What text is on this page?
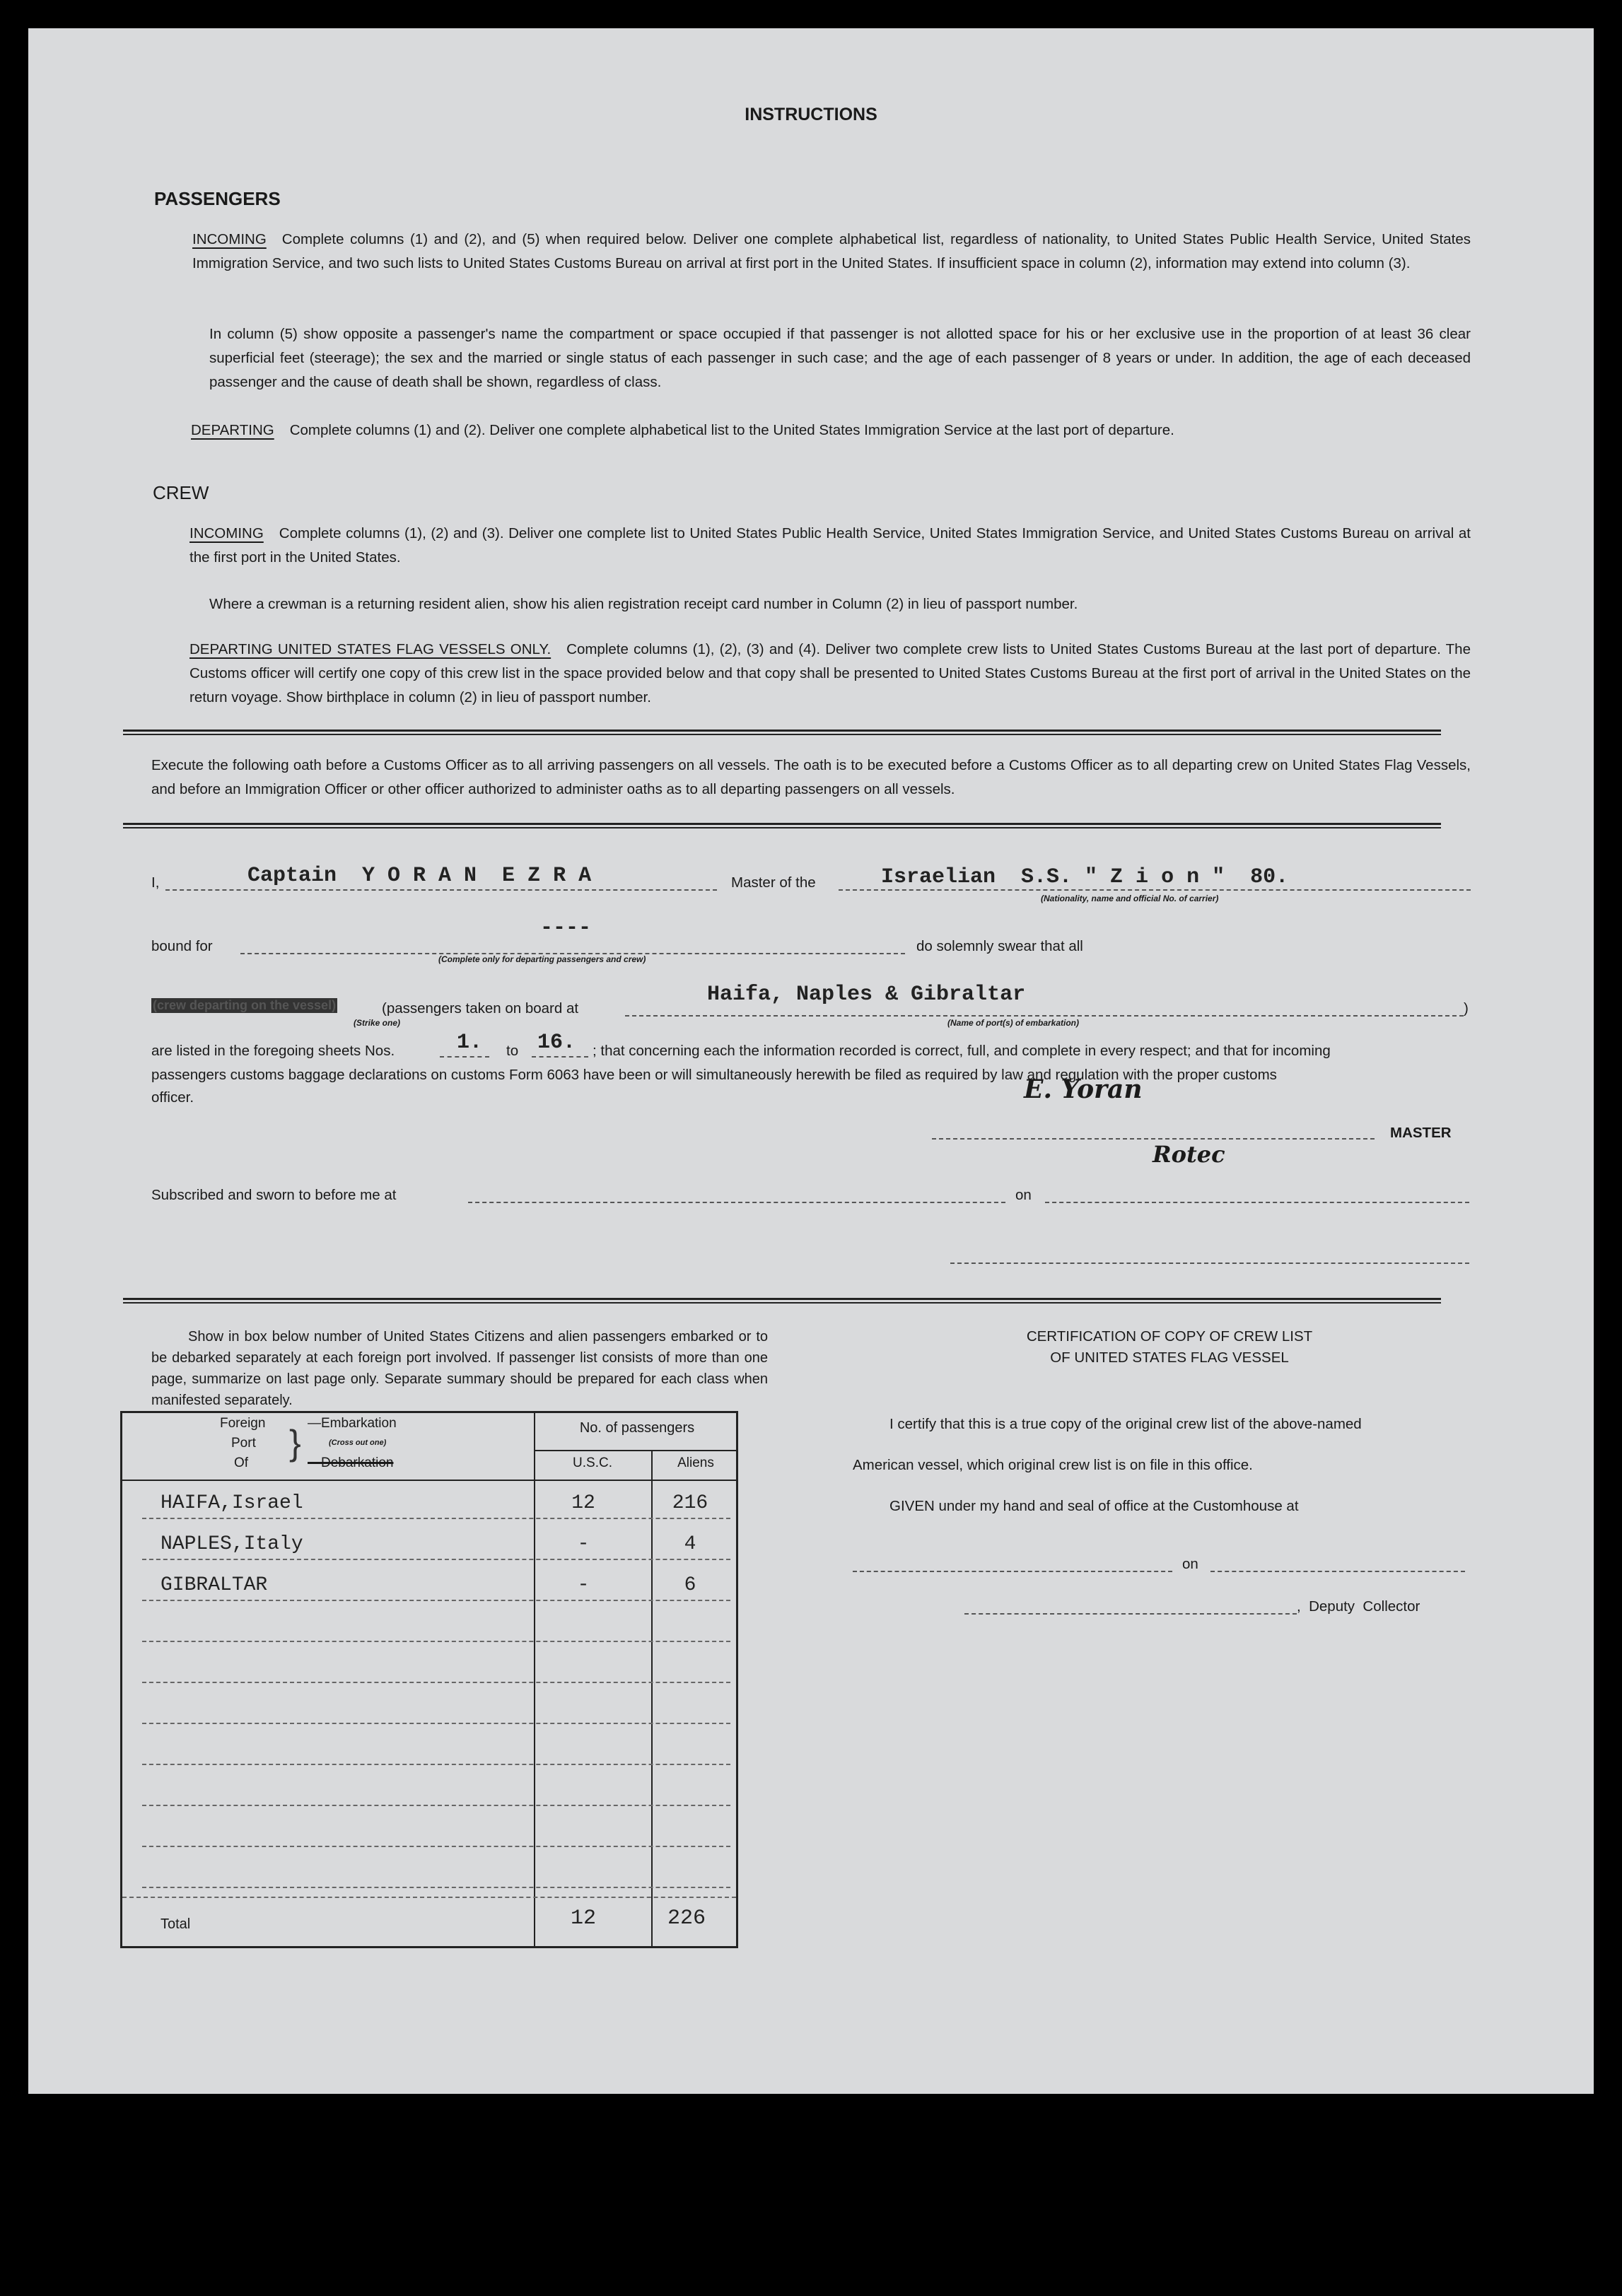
INSTRUCTIONS
PASSENGERS
INCOMING Complete columns (1) and (2), and (5) when required below. Deliver one complete alphabetical list, regardless of nationality, to United States Public Health Service, United States Immigration Service, and two such lists to United States Customs Bureau on arrival at first port in the United States. If insufficient space in column (2), information may extend into column (3).
In column (5) show opposite a passenger's name the compartment or space occupied if that passenger is not allotted space for his or her exclusive use in the proportion of at least 36 clear superficial feet (steerage); the sex and the married or single status of each passenger in such case; and the age of each passenger of 8 years or under. In addition, the age of each deceased passenger and the cause of death shall be shown, regardless of class.
DEPARTING Complete columns (1) and (2). Deliver one complete alphabetical list to the United States Immigration Service at the last port of departure.
CREW
INCOMING Complete columns (1), (2) and (3). Deliver one complete list to United States Public Health Service, United States Immigration Service, and United States Customs Bureau on arrival at the first port in the United States.
Where a crewman is a returning resident alien, show his alien registration receipt card number in Column (2) in lieu of passport number.
DEPARTING UNITED STATES FLAG VESSELS ONLY. Complete columns (1), (2), (3) and (4). Deliver two complete crew lists to United States Customs Bureau at the last port of departure. The Customs officer will certify one copy of this crew list in the space provided below and that copy shall be presented to United States Customs Bureau at the first port of arrival in the United States on the return voyage. Show birthplace in column (2) in lieu of passport number.
Execute the following oath before a Customs Officer as to all arriving passengers on all vessels. The oath is to be executed before a Customs Officer as to all departing crew on United States Flag Vessels, and before an Immigration Officer or other officer authorized to administer oaths as to all departing passengers on all vessels.
I,	Captain  Y O R A N  E Z R A	Master of the	Israelian  S.S. " Z i o n "  80.
(Nationality, name and official No. of carrier)
----
bound for
(Complete only for departing passengers and crew)
do solemnly swear that all
(crew departing on the vessel)	(passengers taken on board at
(Strike one)
Haifa, Naples & Gibraltar
)
(Name of port(s) of embarkation)
are listed in the foregoing sheets Nos.	1. to 16. ; that concerning each the information recorded is correct, full, and complete in every respect; and that for incoming
passengers customs baggage declarations on customs Form 6063 have been or will simultaneously herewith be filed as required by law and regulation with the proper customs
officer.	E. Yoran
MASTER
Rotec
Subscribed and sworn to before me at	on
Show in box below number of United States Citizens and alien passengers embarked or to be debarked separately at each foreign port involved. If passenger list consists of more than one page, summarize on last page only. Separate summary should be prepared for each class when manifested separately.
Foreign
Port
Of
} —Embarkation
(Cross out one)
—Debarkation
No. of passengers
U.S.C.	Aliens
HAIFA,Israel	12	216
NAPLES,Italy	-	4
GIBRALTAR	-	6
Total	12	226
CERTIFICATION OF COPY OF CREW LIST
OF UNITED STATES FLAG VESSEL
I certify that this is a true copy of the original crew list of the above-named
American vessel, which original crew list is on file in this office.
GIVEN under my hand and seal of office at the Customhouse at
on
,  Deputy  Collector
